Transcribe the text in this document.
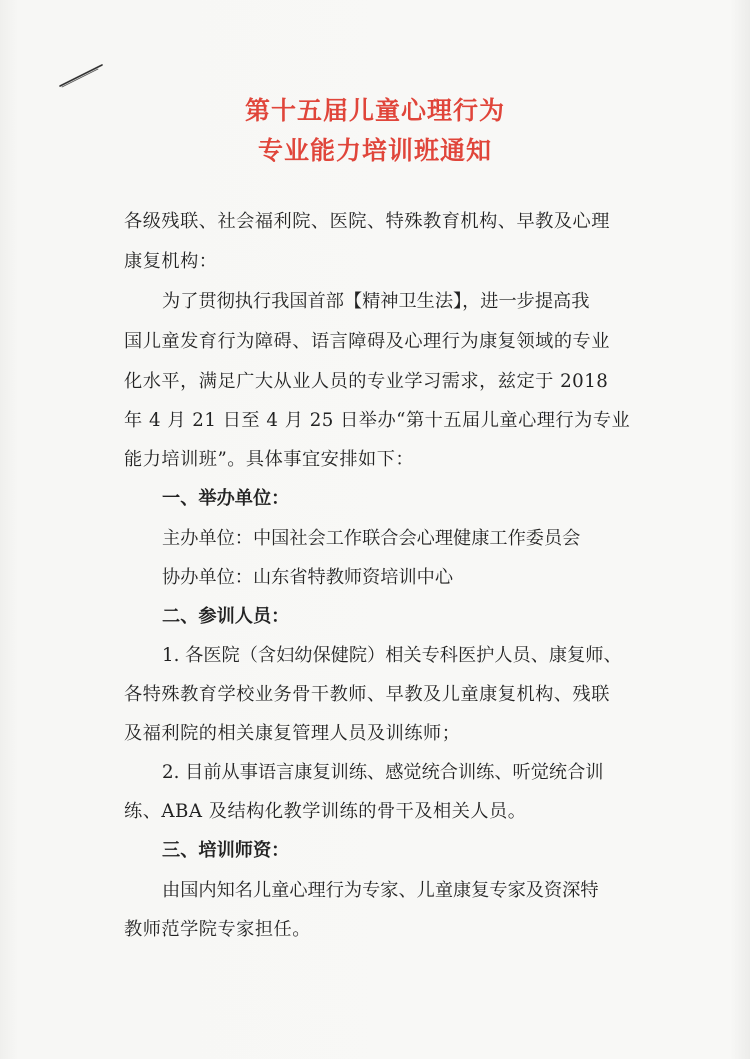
第十五届儿童心理行为
专业能力培训班通知

各级残联、社会福利院、医院、特殊教育机构、早教及心理

康复机构：

为了贯彻执行我国首部【精神卫生法】，进一步提高我

国儿童发育行为障碍、语言障碍及心理行为康复领域的专业

化水平，满足广大从业人员的专业学习需求，兹定于 2018

年 4 月 21 日至 4 月 25 日举办“第十五届儿童心理行为专业

能力培训班”。具体事宜安排如下：

一、举办单位：

主办单位：中国社会工作联合会心理健康工作委员会

协办单位：山东省特教师资培训中心

二、参训人员：

1. 各医院（含妇幼保健院）相关专科医护人员、康复师、

各特殊教育学校业务骨干教师、早教及儿童康复机构、残联

及福利院的相关康复管理人员及训练师；

2. 目前从事语言康复训练、感觉统合训练、听觉统合训

练、ABA 及结构化教学训练的骨干及相关人员。

三、培训师资：

由国内知名儿童心理行为专家、儿童康复专家及资深特

教师范学院专家担任。
